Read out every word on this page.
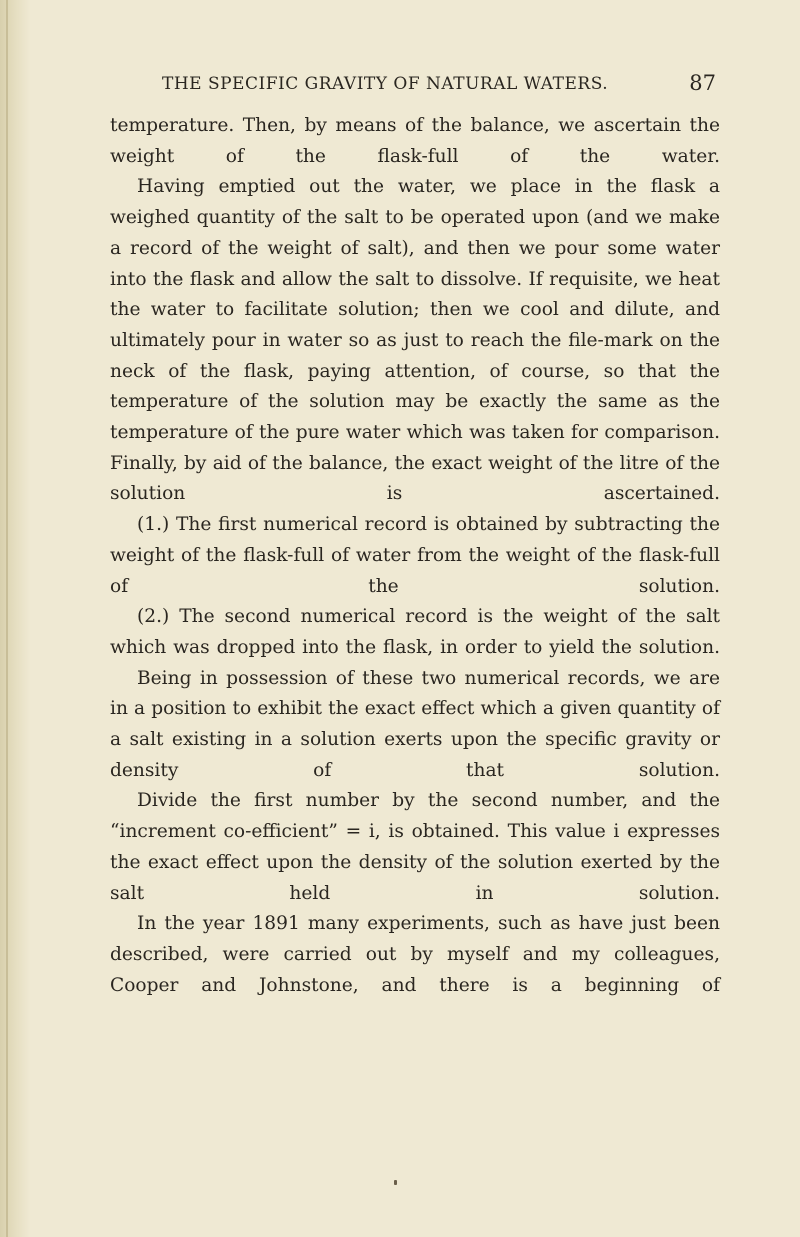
THE SPECIFIC GRAVITY OF NATURAL WATERS.	87

temperature. Then, by means of the balance, we ascertain the weight of the flask-full of the water.

Having emptied out the water, we place in the flask a weighed quantity of the salt to be operated upon (and we make a record of the weight of salt), and then we pour some water into the flask and allow the salt to dissolve. If requisite, we heat the water to facilitate solution; then we cool and dilute, and ultimately pour in water so as just to reach the file-mark on the neck of the flask, paying attention, of course, so that the temperature of the solution may be exactly the same as the temperature of the pure water which was taken for comparison. Finally, by aid of the balance, the exact weight of the litre of the solution is ascertained.

(1.) The first numerical record is obtained by subtracting the weight of the flask-full of water from the weight of the flask-full of the solution.

(2.) The second numerical record is the weight of the salt which was dropped into the flask, in order to yield the solution.

Being in possession of these two numerical records, we are in a position to exhibit the exact effect which a given quantity of a salt existing in a solution exerts upon the specific gravity or density of that solution.

Divide the first number by the second number, and the “increment co-efficient” = i, is obtained. This value i expresses the exact effect upon the density of the solution exerted by the salt held in solution.

In the year 1891 many experiments, such as have just been described, were carried out by myself and my colleagues, Cooper and Johnstone, and there is a beginning of
